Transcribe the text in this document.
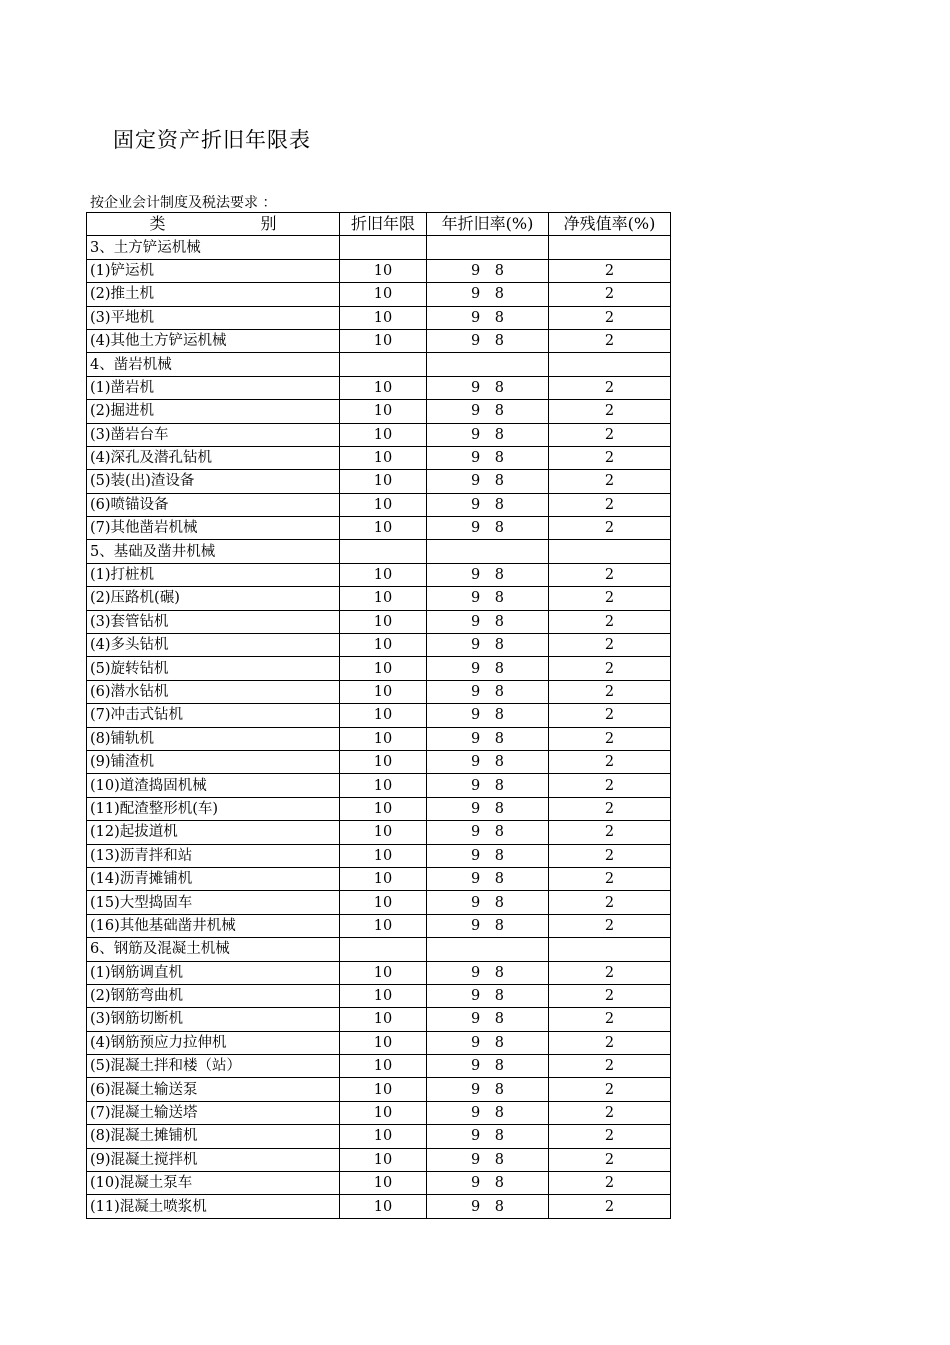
固定资产折旧年限表
按企业会计制度及税法要求 ：
类 别	折旧年限	年折旧率(%)	净残值率(%)
3、土方铲运机械			
(1)铲运机	10	9　8	2
(2)推土机	10	9　8	2
(3)平地机	10	9　8	2
(4)其他土方铲运机械	10	9　8	2
4、凿岩机械			
(1)凿岩机	10	9　8	2
(2)掘进机	10	9　8	2
(3)凿岩台车	10	9　8	2
(4)深孔及潜孔钻机	10	9　8	2
(5)装(出)渣设备	10	9　8	2
(6)喷锚设备	10	9　8	2
(7)其他凿岩机械	10	9　8	2
5、基础及凿井机械			
(1)打桩机	10	9　8	2
(2)压路机(碾)	10	9　8	2
(3)套管钻机	10	9　8	2
(4)多头钻机	10	9　8	2
(5)旋转钻机	10	9　8	2
(6)潜水钻机	10	9　8	2
(7)冲击式钻机	10	9　8	2
(8)铺轨机	10	9　8	2
(9)铺渣机	10	9　8	2
(10)道渣捣固机械	10	9　8	2
(11)配渣整形机(车)	10	9　8	2
(12)起拔道机	10	9　8	2
(13)沥青拌和站	10	9　8	2
(14)沥青摊铺机	10	9　8	2
(15)大型捣固车	10	9　8	2
(16)其他基础凿井机械	10	9　8	2
6、钢筋及混凝土机械			
(1)钢筋调直机	10	9　8	2
(2)钢筋弯曲机	10	9　8	2
(3)钢筋切断机	10	9　8	2
(4)钢筋预应力拉伸机	10	9　8	2
(5)混凝土拌和楼（站）	10	9　8	2
(6)混凝土输送泵	10	9　8	2
(7)混凝土输送塔	10	9　8	2
(8)混凝土摊铺机	10	9　8	2
(9)混凝土搅拌机	10	9　8	2
(10)混凝土泵车	10	9　8	2
(11)混凝土喷浆机	10	9　8	2
